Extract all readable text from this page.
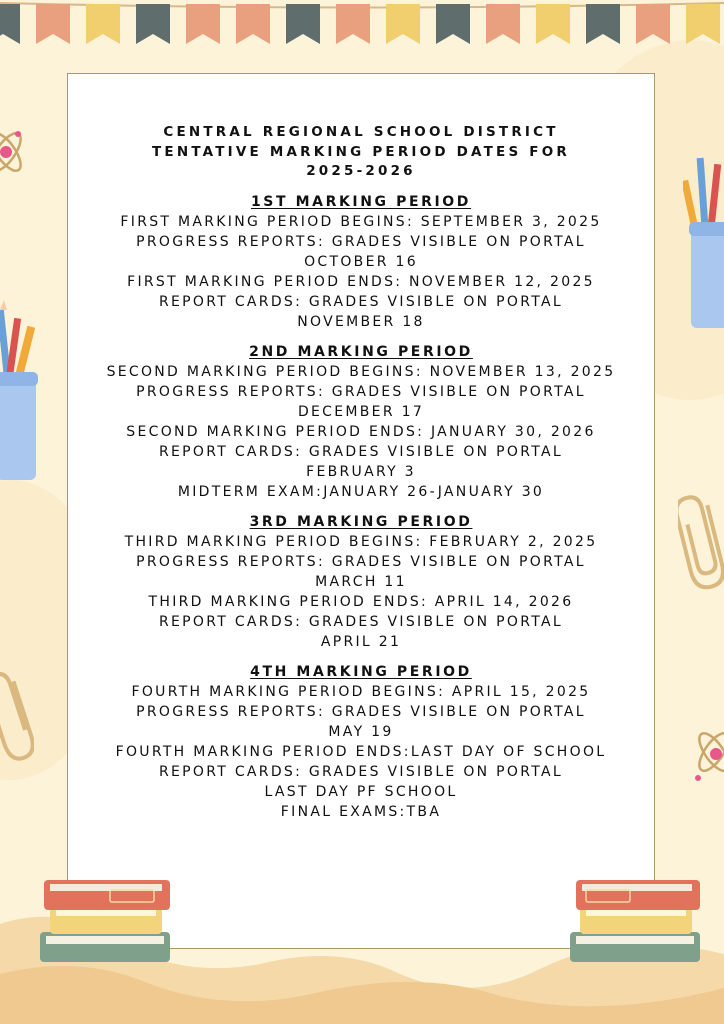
CENTRAL REGIONAL SCHOOL DISTRICT
TENTATIVE MARKING PERIOD DATES FOR
2025-2026
1ST MARKING PERIOD
FIRST MARKING PERIOD BEGINS: SEPTEMBER 3, 2025
PROGRESS REPORTS: GRADES VISIBLE ON PORTAL
OCTOBER 16
FIRST MARKING PERIOD ENDS: NOVEMBER 12, 2025
REPORT CARDS: GRADES VISIBLE ON PORTAL
NOVEMBER 18
2ND MARKING PERIOD
SECOND MARKING PERIOD BEGINS: NOVEMBER 13, 2025
PROGRESS REPORTS: GRADES VISIBLE ON PORTAL
DECEMBER 17
SECOND MARKING PERIOD ENDS: JANUARY 30, 2026
REPORT CARDS: GRADES VISIBLE ON PORTAL
FEBRUARY 3
MIDTERM EXAM:JANUARY 26-JANUARY 30
3RD MARKING PERIOD
THIRD MARKING PERIOD BEGINS: FEBRUARY 2, 2025
PROGRESS REPORTS: GRADES VISIBLE ON PORTAL
MARCH 11
THIRD MARKING PERIOD ENDS: APRIL 14, 2026
REPORT CARDS: GRADES VISIBLE ON PORTAL
APRIL 21
4TH MARKING PERIOD
FOURTH MARKING PERIOD BEGINS: APRIL 15, 2025
PROGRESS REPORTS: GRADES VISIBLE ON PORTAL
MAY 19
FOURTH MARKING PERIOD ENDS:LAST DAY OF SCHOOL
REPORT CARDS: GRADES VISIBLE ON PORTAL
LAST DAY PF SCHOOL
FINAL EXAMS:TBA
